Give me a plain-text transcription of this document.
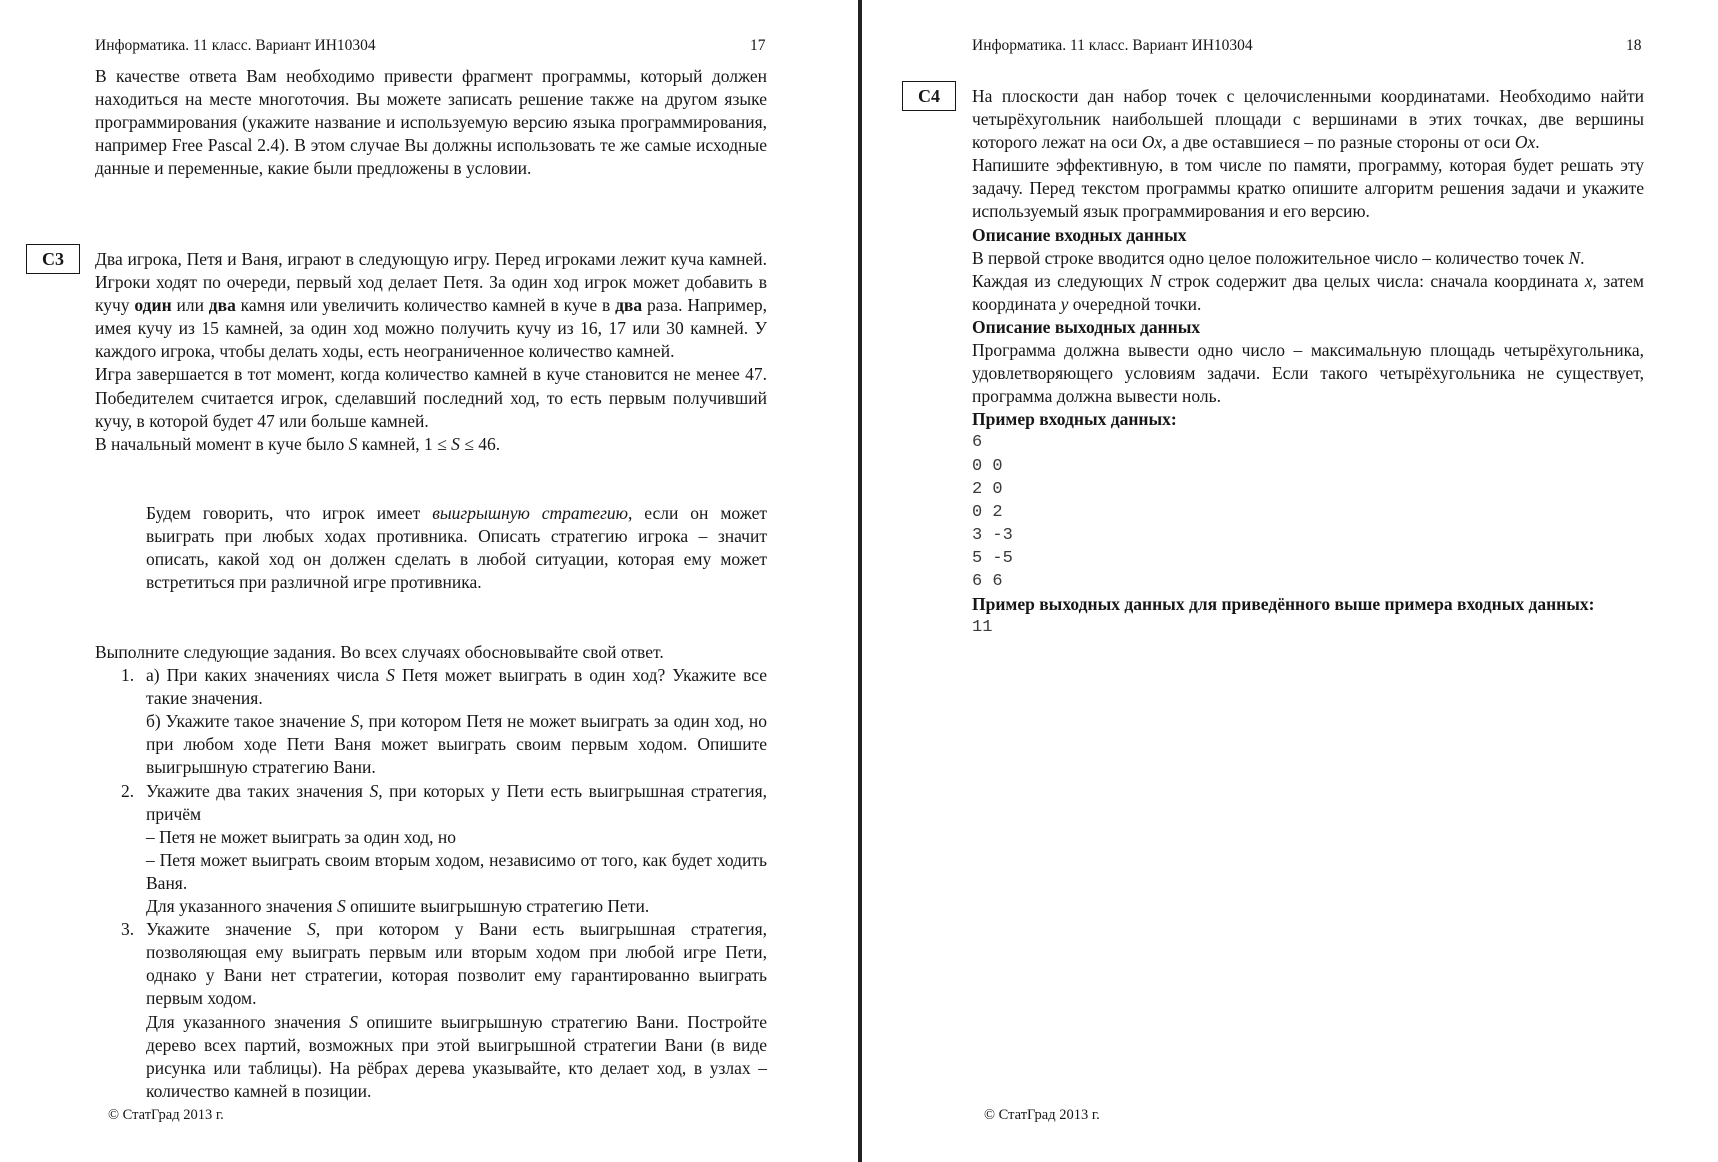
Информатика. 11 класс. Вариант ИН10304	17

В качестве ответа Вам необходимо привести фрагмент программы, который должен находиться на месте многоточия. Вы можете записать решение также на другом языке программирования (укажите название и используемую версию языка программирования, например Free Pascal 2.4). В этом случае Вы должны использовать те же самые исходные данные и переменные, какие были предложены в условии.

C3	Два игрока, Петя и Ваня, играют в следующую игру. Перед игроками лежит куча камней. Игроки ходят по очереди, первый ход делает Петя. За один ход игрок может добавить в кучу один или два камня или увеличить количество камней в куче в два раза. Например, имея кучу из 15 камней, за один ход можно получить кучу из 16, 17 или 30 камней. У каждого игрока, чтобы делать ходы, есть неограниченное количество камней.

Игра завершается в тот момент, когда количество камней в куче становится не менее 47. Победителем считается игрок, сделавший последний ход, то есть первым получивший кучу, в которой будет 47 или больше камней.

В начальный момент в куче было S камней, 1 ≤ S ≤ 46.

Будем говорить, что игрок имеет выигрышную стратегию, если он может выиграть при любых ходах противника. Описать стратегию игрока – значит описать, какой ход он должен сделать в любой ситуации, которая ему может встретиться при различной игре противника.

Выполните следующие задания. Во всех случаях обосновывайте свой ответ.

1. а) При каких значениях числа S Петя может выиграть в один ход? Укажите все такие значения.

б) Укажите такое значение S, при котором Петя не может выиграть за один ход, но при любом ходе Пети Ваня может выиграть своим первым ходом. Опишите выигрышную стратегию Вани.

2. Укажите два таких значения S, при которых у Пети есть выигрышная стратегия, причём

– Петя не может выиграть за один ход, но

– Петя может выиграть своим вторым ходом, независимо от того, как будет ходить Ваня.

Для указанного значения S опишите выигрышную стратегию Пети.

3. Укажите значение S, при котором у Вани есть выигрышная стратегия, позволяющая ему выиграть первым или вторым ходом при любой игре Пети, однако у Вани нет стратегии, которая позволит ему гарантированно выиграть первым ходом.

Для указанного значения S опишите выигрышную стратегию Вани. Постройте дерево всех партий, возможных при этой выигрышной стратегии Вани (в виде рисунка или таблицы). На рёбрах дерева указывайте, кто делает ход, в узлах – количество камней в позиции.

© СтатГрад 2013 г.
Информатика. 11 класс. Вариант ИН10304	18
C4	На плоскости дан набор точек с целочисленными координатами. Необходимо найти четырёхугольник наибольшей площади с вершинами в этих точках, две вершины которого лежат на оси Ox, а две оставшиеся – по разные стороны от оси Ox.

Напишите эффективную, в том числе по памяти, программу, которая будет решать эту задачу. Перед текстом программы кратко опишите алгоритм решения задачи и укажите используемый язык программирования и его версию.

Описание входных данных

В первой строке вводится одно целое положительное число – количество точек N.

Каждая из следующих N строк содержит два целых числа: сначала координата x, затем координата y очередной точки.

Описание выходных данных

Программа должна вывести одно число – максимальную площадь четырёхугольника, удовлетворяющего условиям задачи. Если такого четырёхугольника не существует, программа должна вывести ноль.

Пример входных данных:

6
0 0
2 0
0 2
3 -3
5 -5
6 6

Пример выходных данных для приведённого выше примера входных данных:

11
© СтатГрад 2013 г.
